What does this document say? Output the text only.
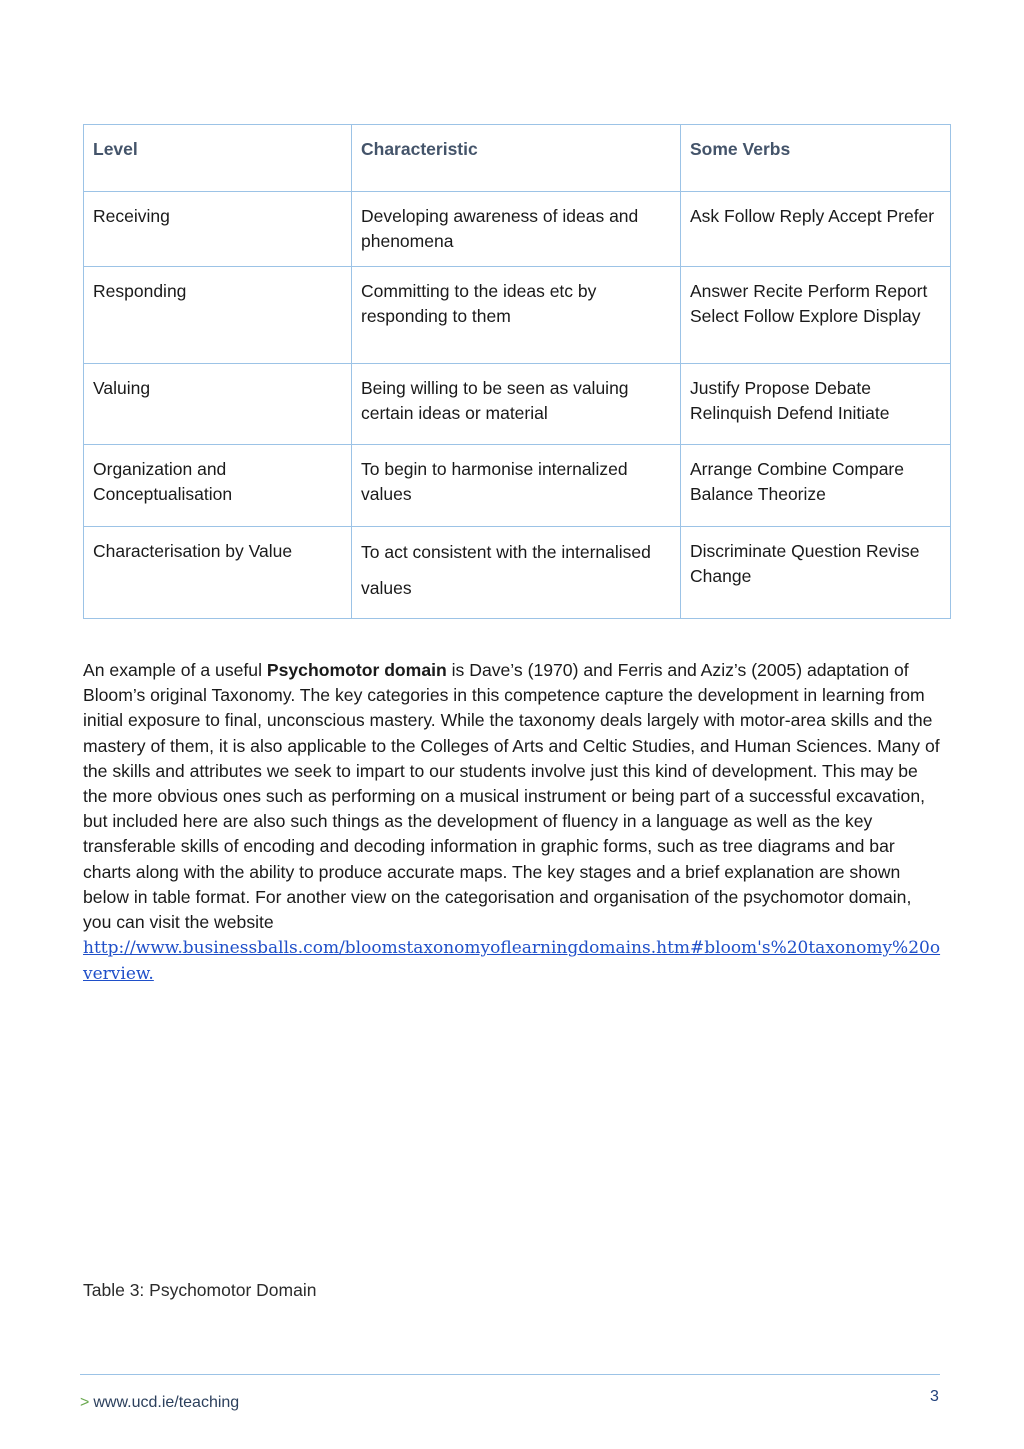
Level	Characteristic	Some Verbs
Receiving	Developing awareness of ideas and phenomena	Ask Follow Reply Accept Prefer
Responding	Committing to the ideas etc by responding to them	Answer Recite Perform Report Select Follow Explore Display
Valuing	Being willing to be seen as valuing certain ideas or material	Justify Propose Debate Relinquish Defend Initiate
Organization and Conceptualisation	To begin to harmonise internalized values	Arrange Combine Compare Balance Theorize
Characterisation by Value	To act consistent with the internalised values	Discriminate Question Revise Change
An example of a useful Psychomotor domain is Dave’s (1970) and Ferris and Aziz’s (2005) adaptation of Bloom’s original Taxonomy. The key categories in this competence capture the development in learning from initial exposure to final, unconscious mastery. While the taxonomy deals largely with motor-area skills and the mastery of them, it is also applicable to the Colleges of Arts and Celtic Studies, and Human Sciences. Many of the skills and attributes we seek to impart to our students involve just this kind of development. This may be the more obvious ones such as performing on a musical instrument or being part of a successful excavation, but included here are also such things as the development of fluency in a language as well as the key transferable skills of encoding and decoding information in graphic forms, such as tree diagrams and bar charts along with the ability to produce accurate maps. The key stages and a brief explanation are shown below in table format. For another view on the categorisation and organisation of the psychomotor domain, you can visit the website
http://www.businessballs.com/bloomstaxonomyoflearningdomains.htm#bloom's%20taxonomy%20overview.
Table 3: Psychomotor Domain
> www.ucd.ie/teaching	3
